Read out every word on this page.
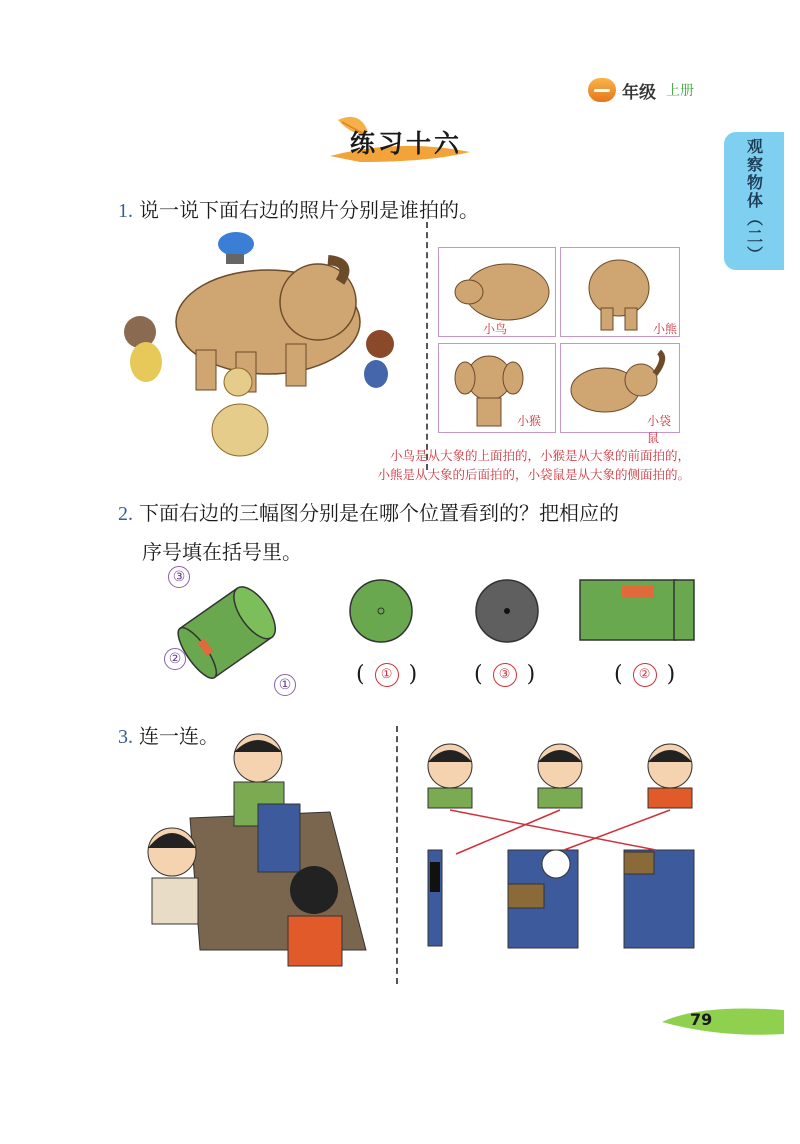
年级 上册
练习十六	观察物体（二）
1. 说一说下面右边的照片分别是谁拍的。
小鸟	小熊
小猴	小袋鼠
小鸟是从大象的上面拍的，小猴是从大象的前面拍的，
小熊是从大象的后面拍的，小袋鼠是从大象的侧面拍的。
2. 下面右边的三幅图分别是在哪个位置看到的？把相应的
序号填在括号里。
③
②
①	(	① )	(	③ )	(	② )
3. 连一连。
79
